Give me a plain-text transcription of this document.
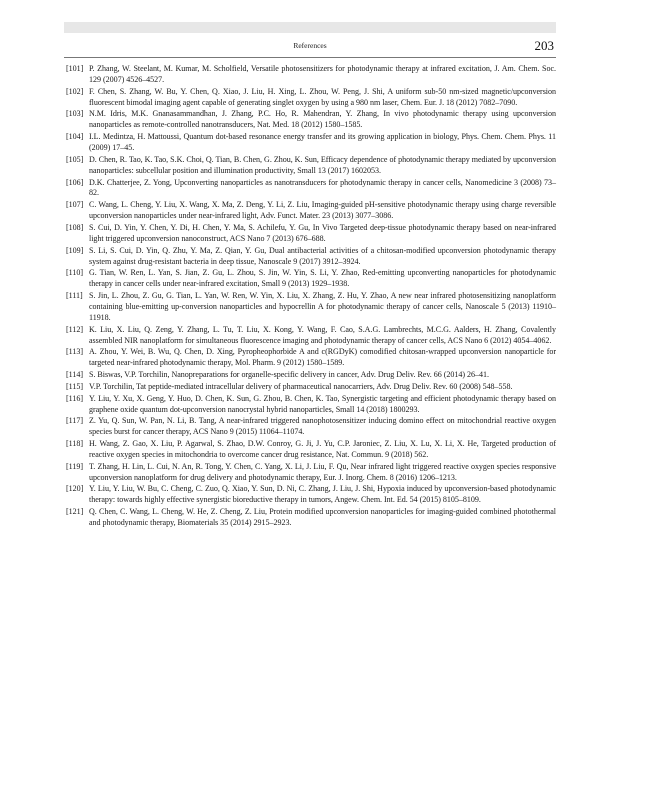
References	203
[101] P. Zhang, W. Steelant, M. Kumar, M. Scholfield, Versatile photosensitizers for photodynamic therapy at infrared excitation, J. Am. Chem. Soc. 129 (2007) 4526–4527.
[102] F. Chen, S. Zhang, W. Bu, Y. Chen, Q. Xiao, J. Liu, H. Xing, L. Zhou, W. Peng, J. Shi, A uniform sub-50 nm-sized magnetic/upconversion fluorescent bimodal imaging agent capable of generating singlet oxygen by using a 980 nm laser, Chem. Eur. J. 18 (2012) 7082–7090.
[103] N.M. Idris, M.K. Gnanasammandhan, J. Zhang, P.C. Ho, R. Mahendran, Y. Zhang, In vivo photodynamic therapy using upconversion nanoparticles as remote-controlled nanotransducers, Nat. Med. 18 (2012) 1580–1585.
[104] I.L. Medintza, H. Mattoussi, Quantum dot-based resonance energy transfer and its growing application in biology, Phys. Chem. Chem. Phys. 11 (2009) 17–45.
[105] D. Chen, R. Tao, K. Tao, S.K. Choi, Q. Tian, B. Chen, G. Zhou, K. Sun, Efficacy dependence of photodynamic therapy mediated by upconversion nanoparticles: subcellular position and illumination productivity, Small 13 (2017) 1602053.
[106] D.K. Chatterjee, Z. Yong, Upconverting nanoparticles as nanotransducers for photodynamic therapy in cancer cells, Nanomedicine 3 (2008) 73–82.
[107] C. Wang, L. Cheng, Y. Liu, X. Wang, X. Ma, Z. Deng, Y. Li, Z. Liu, Imaging-guided pH-sensitive photodynamic therapy using charge reversible upconversion nanoparticles under near-infrared light, Adv. Funct. Mater. 23 (2013) 3077–3086.
[108] S. Cui, D. Yin, Y. Chen, Y. Di, H. Chen, Y. Ma, S. Achilefu, Y. Gu, In Vivo Targeted deep-tissue photodynamic therapy based on near-infrared light triggered upconversion nanoconstruct, ACS Nano 7 (2013) 676–688.
[109] S. Li, S. Cui, D. Yin, Q. Zhu, Y. Ma, Z. Qian, Y. Gu, Dual antibacterial activities of a chitosan-modified upconversion photodynamic therapy system against drug-resistant bacteria in deep tissue, Nanoscale 9 (2017) 3912–3924.
[110] G. Tian, W. Ren, L. Yan, S. Jian, Z. Gu, L. Zhou, S. Jin, W. Yin, S. Li, Y. Zhao, Red-emitting upconverting nanoparticles for photodynamic therapy in cancer cells under near-infrared excitation, Small 9 (2013) 1929–1938.
[111] S. Jin, L. Zhou, Z. Gu, G. Tian, L. Yan, W. Ren, W. Yin, X. Liu, X. Zhang, Z. Hu, Y. Zhao, A new near infrared photosensitizing nanoplatform containing blue-emitting up-conversion nanoparticles and hypocrellin A for photodynamic therapy of cancer cells, Nanoscale 5 (2013) 11910–11918.
[112] K. Liu, X. Liu, Q. Zeng, Y. Zhang, L. Tu, T. Liu, X. Kong, Y. Wang, F. Cao, S.A.G. Lambrechts, M.C.G. Aalders, H. Zhang, Covalently assembled NIR nanoplatform for simultaneous fluorescence imaging and photodynamic therapy of cancer cells, ACS Nano 6 (2012) 4054–4062.
[113] A. Zhou, Y. Wei, B. Wu, Q. Chen, D. Xing, Pyropheophorbide A and c(RGDyK) comodified chitosan-wrapped upconversion nanoparticle for targeted near-infrared photodynamic therapy, Mol. Pharm. 9 (2012) 1580–1589.
[114] S. Biswas, V.P. Torchilin, Nanopreparations for organelle-specific delivery in cancer, Adv. Drug Deliv. Rev. 66 (2014) 26–41.
[115] V.P. Torchilin, Tat peptide-mediated intracellular delivery of pharmaceutical nanocarriers, Adv. Drug Deliv. Rev. 60 (2008) 548–558.
[116] Y. Liu, Y. Xu, X. Geng, Y. Huo, D. Chen, K. Sun, G. Zhou, B. Chen, K. Tao, Synergistic targeting and efficient photodynamic therapy based on graphene oxide quantum dot-upconversion nanocrystal hybrid nanoparticles, Small 14 (2018) 1800293.
[117] Z. Yu, Q. Sun, W. Pan, N. Li, B. Tang, A near-infrared triggered nanophotosensitizer inducing domino effect on mitochondrial reactive oxygen species burst for cancer therapy, ACS Nano 9 (2015) 11064–11074.
[118] H. Wang, Z. Gao, X. Liu, P. Agarwal, S. Zhao, D.W. Conroy, G. Ji, J. Yu, C.P. Jaroniec, Z. Liu, X. Lu, X. Li, X. He, Targeted production of reactive oxygen species in mitochondria to overcome cancer drug resistance, Nat. Commun. 9 (2018) 562.
[119] T. Zhang, H. Lin, L. Cui, N. An, R. Tong, Y. Chen, C. Yang, X. Li, J. Liu, F. Qu, Near infrared light triggered reactive oxygen species responsive upconversion nanoplatform for drug delivery and photodynamic therapy, Eur. J. Inorg. Chem. 8 (2016) 1206–1213.
[120] Y. Liu, Y. Liu, W. Bu, C. Cheng, C. Zuo, Q. Xiao, Y. Sun, D. Ni, C. Zhang, J. Liu, J. Shi, Hypoxia induced by upconversion-based photodynamic therapy: towards highly effective synergistic bioreductive therapy in tumors, Angew. Chem. Int. Ed. 54 (2015) 8105–8109.
[121] Q. Chen, C. Wang, L. Cheng, W. He, Z. Cheng, Z. Liu, Protein modified upconversion nanoparticles for imaging-guided combined photothermal and photodynamic therapy, Biomaterials 35 (2014) 2915–2923.
